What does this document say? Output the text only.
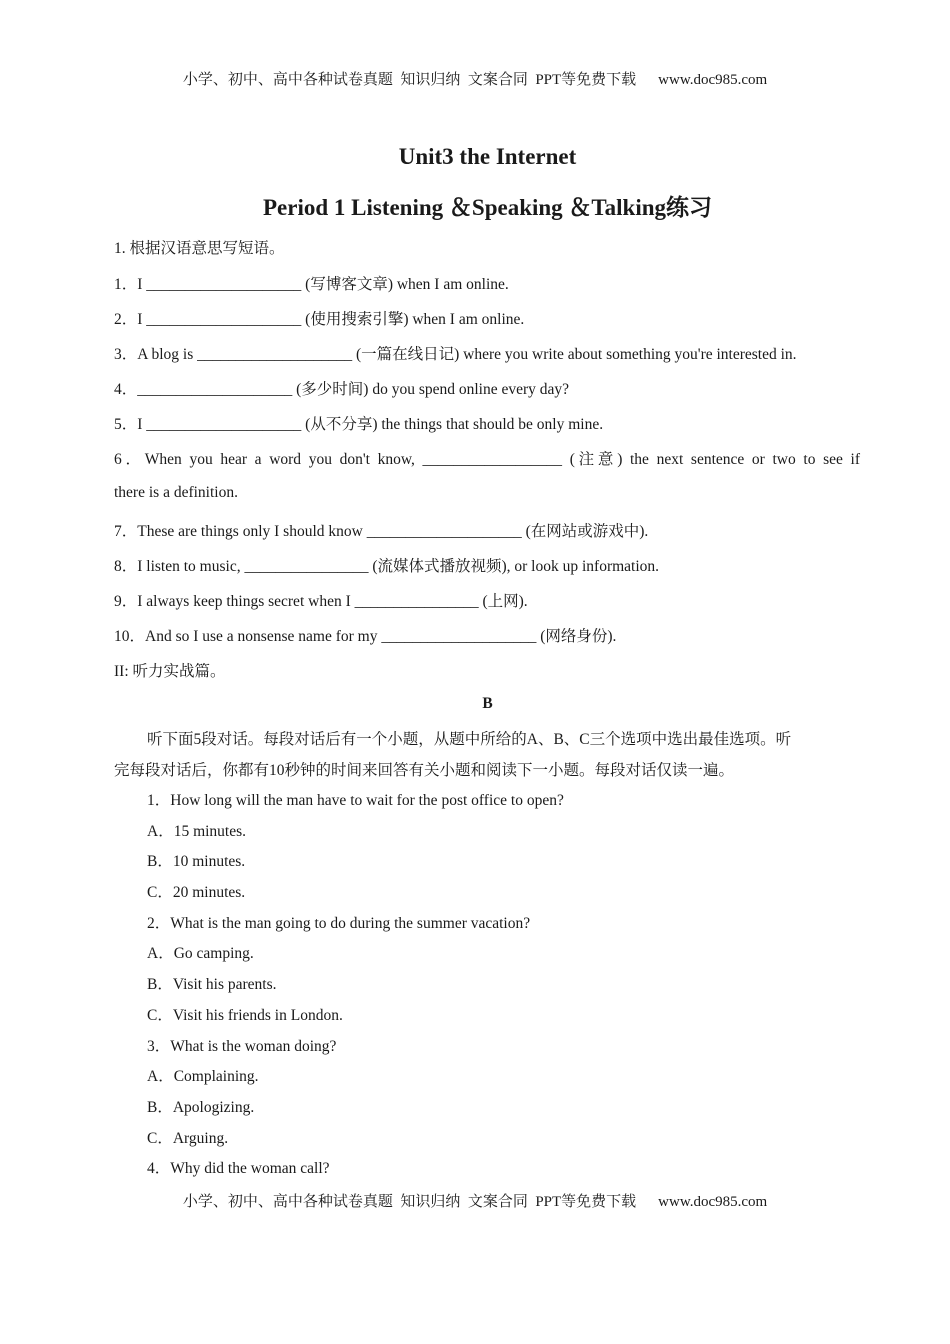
小学、初中、高中各种试卷真题  知识归纳  文案合同  PPT等免费下载 www.doc985.com
Unit3 the Internet
Period 1 Listening ＆Speaking ＆Talking练习
1. 根据汉语意思写短语。
1．I ____________________ (写博客文章) when I am online.
2．I ____________________ (使用搜索引擎) when I am online.
3．A blog is ____________________ (一篇在线日记) where you write about something you're interested in.
4．____________________ (多少时间) do you spend online every day?
5．I ____________________ (从不分享) the things that should be only mine.
6．When you hear a word you don't know, __________________ (注意) the next sentence or two to see if
there is a definition.
7．These are things only I should know ____________________ (在网站或游戏中).
8．I listen to music, ________________ (流媒体式播放视频), or look up information.
9．I always keep things secret when I ________________ (上网).
10．And so I use a nonsense name for my ____________________ (网络身份).
II: 听力实战篇。
B
听下面5段对话。每段对话后有一个小题，从题中所给的A、B、C三个选项中选出最佳选项。听
完每段对话后，你都有10秒钟的时间来回答有关小题和阅读下一小题。每段对话仅读一遍。
1．How long will the man have to wait for the post office to open?
A．15 minutes.
B．10 minutes.
C．20 minutes.
2．What is the man going to do during the summer vacation?
A．Go camping.
B．Visit his parents.
C．Visit his friends in London.
3．What is the woman doing?
A．Complaining.
B．Apologizing.
C．Arguing.
4．Why did the woman call?
小学、初中、高中各种试卷真题  知识归纳  文案合同  PPT等免费下载 www.doc985.com
